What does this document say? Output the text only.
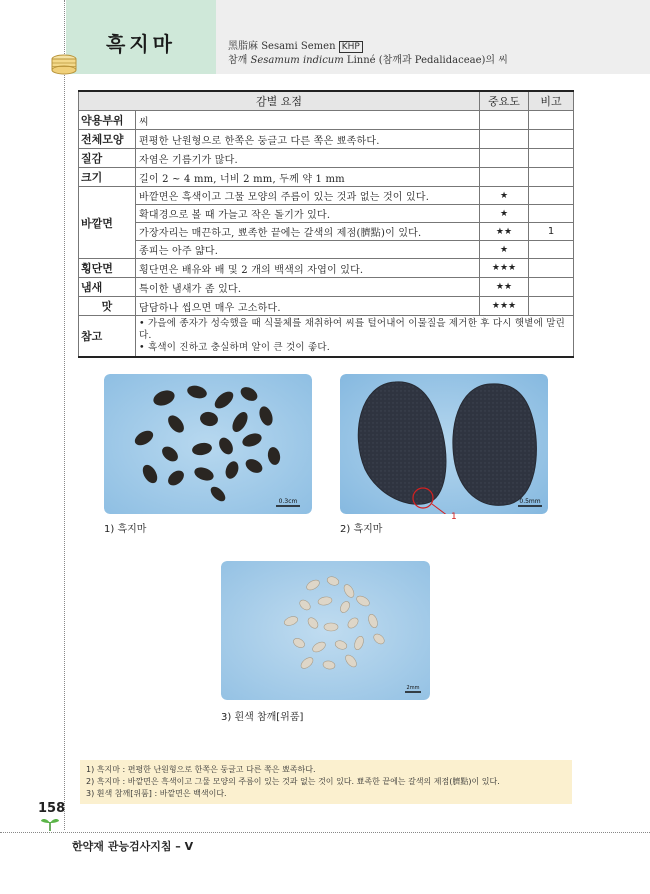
흑지마	黑脂麻 Sesami Semen KHP
참깨 Sesamum indicum Linné (참깨과 Pedalidaceae)의 씨
감별 요점		중요도	비고
약용부위	씨		
전체모양	편평한 난원형으로 한쪽은 둥글고 다른 쪽은 뾰족하다.		
질감	자염은 기름기가 많다.		
크기	길이 2 ~ 4 mm, 너비 2 mm, 두께 약 1 mm		
바깥면	바깥면은 흑색이고 그물 모양의 주름이 있는 것과 없는 것이 있다.	★	
	확대경으로 볼 때 가늘고 작은 돌기가 있다.	★	
	가장자리는 매끈하고, 뾰족한 끝에는 갈색의 제점(臍點)이 있다.	★★	1
	종피는 아주 얇다.	★	
횡단면	횡단면은 배유와 배 및 2 개의 백색의 자엽이 있다.	★★★	
냄새	특이한 냄새가 좀 있다.	★★	
맛	담담하나 씹으면 매우 고소하다.	★★★	
참고	• 가을에 종자가 성숙했을 때 식물체를 채취하여 씨를 털어내어 이물질을 제거한 후 다시 햇볕에 말린다.
• 흑색이 진하고 충실하며 알이 큰 것이 좋다.		
0.3cm
1) 흑지마
0.5mm
1
2) 흑지마
2mm
3) 흰색 참깨[위품]
1) 흑지마 : 편평한 난원형으로 한쪽은 둥글고 다른 쪽은 뾰족하다.
2) 흑지마 : 바깥면은 흑색이고 그물 모양의 주름이 있는 것과 없는 것이 있다. 뾰족한 끝에는 갈색의 제점(臍點)이 있다.
3) 흰색 참깨[위품] : 바깥면은 백색이다.
158
한약재 관능검사지침 – V
